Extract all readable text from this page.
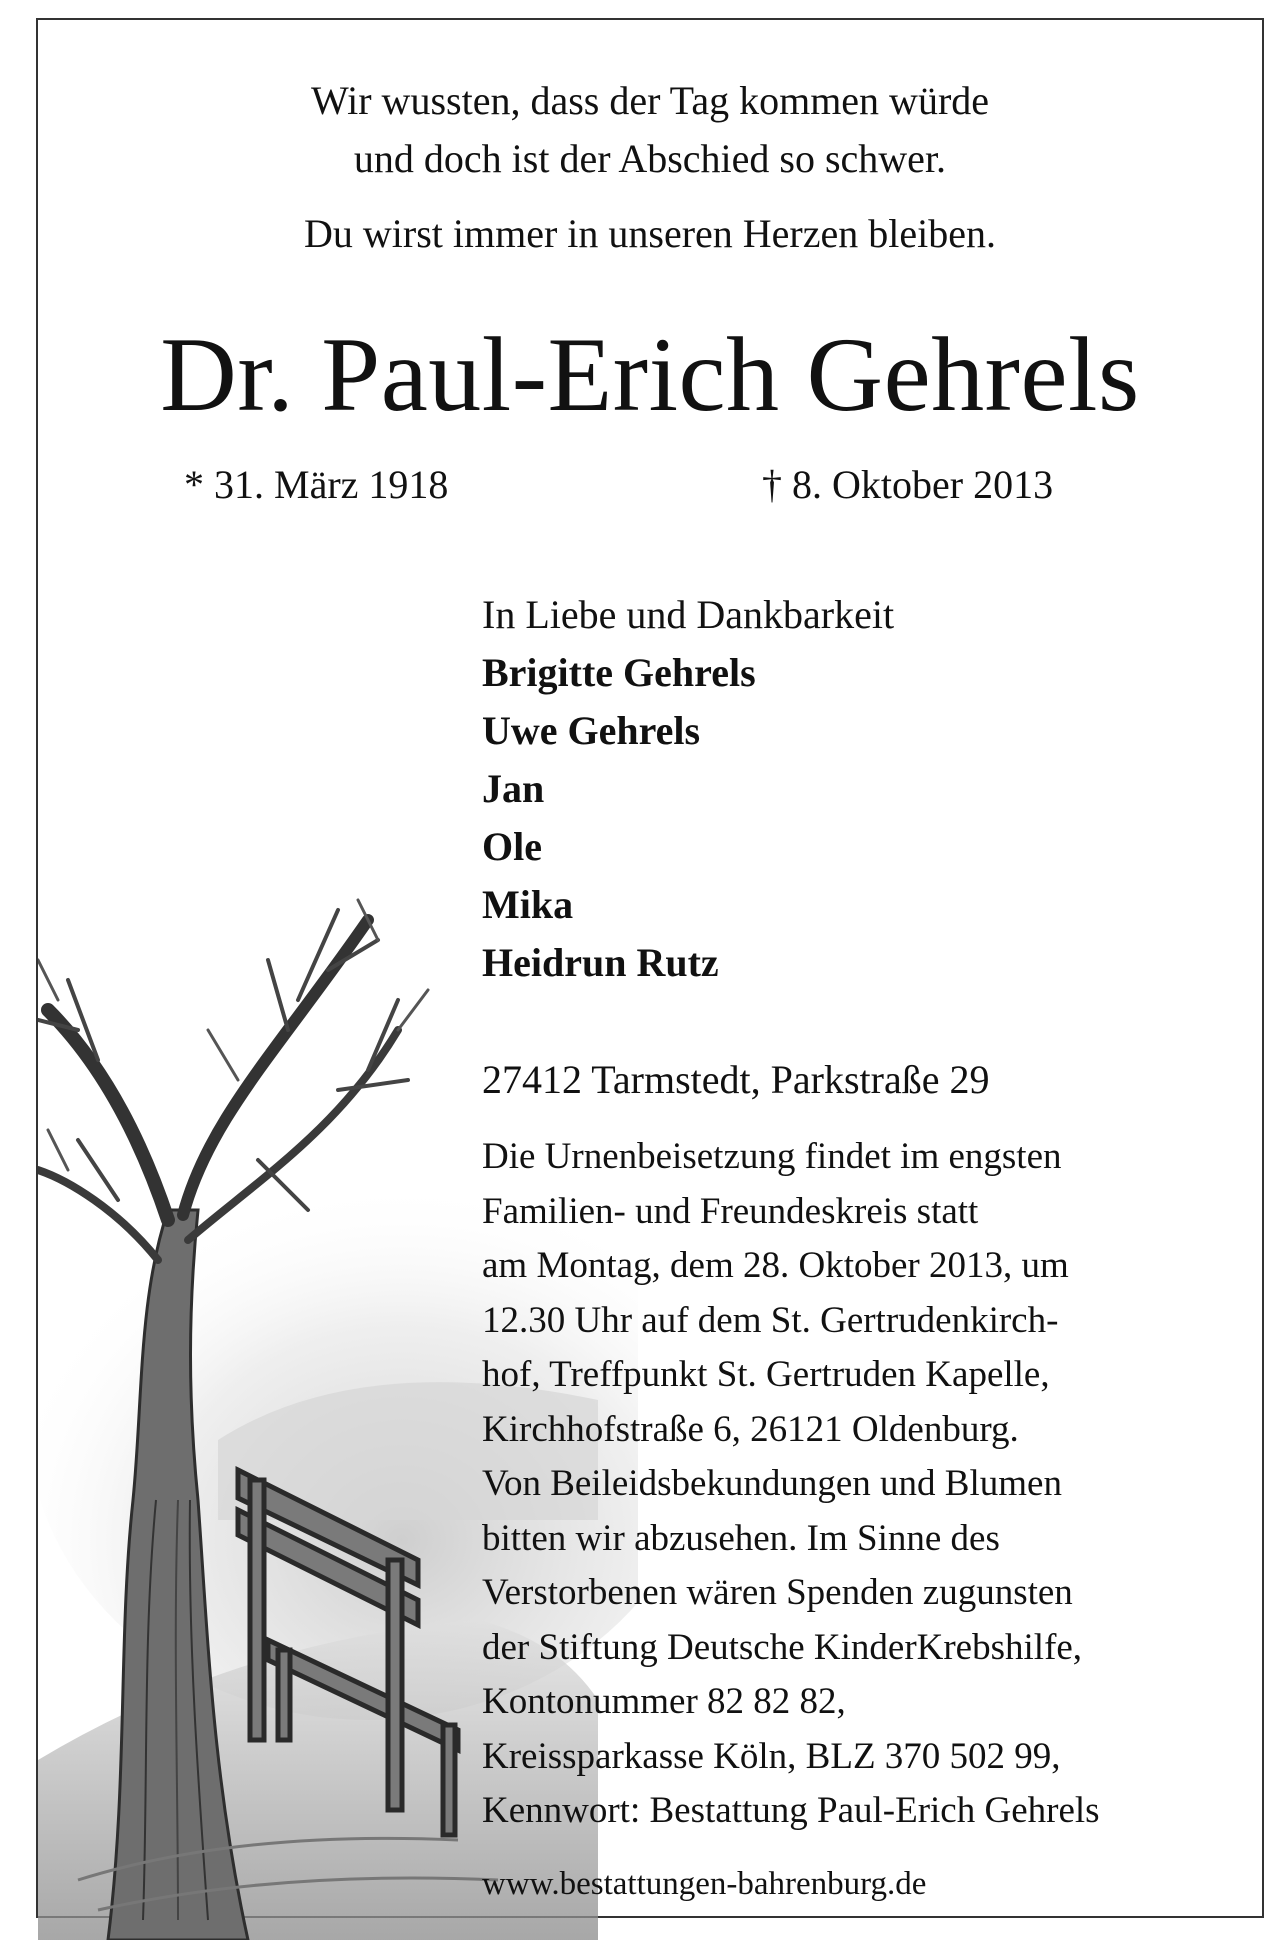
Wir wussten, dass der Tag kommen würde
und doch ist der Abschied so schwer.
Du wirst immer in unseren Herzen bleiben.
Dr. Paul-Erich Gehrels
* 31. März 1918	† 8. Oktober 2013
In Liebe und Dankbarkeit
Brigitte Gehrels
Uwe Gehrels
Jan
Ole
Mika
Heidrun Rutz
27412 Tarmstedt, Parkstraße 29
Die Urnenbeisetzung findet im engsten
Familien- und Freundeskreis statt
am Montag, dem 28. Oktober 2013, um
12.30 Uhr auf dem St. Gertrudenkirch-
hof, Treffpunkt St. Gertruden Kapelle,
Kirchhofstraße 6, 26121 Oldenburg.
Von Beileidsbekundungen und Blumen
bitten wir abzusehen. Im Sinne des
Verstorbenen wären Spenden zugunsten
der Stiftung Deutsche KinderKrebshilfe,
Kontonummer 82 82 82,
Kreissparkasse Köln, BLZ 370 502 99,
Kennwort: Bestattung Paul-Erich Gehrels
www.bestattungen-bahrenburg.de
